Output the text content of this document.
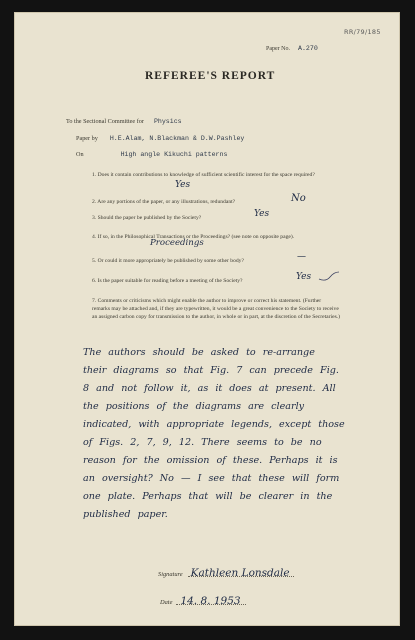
RR/79/185
Paper No. A.270
REFEREE'S REPORT
To the Sectional Committee for Physics
Paper by H.E.Alam, N.Blackman & D.W.Pashley
On	High angle Kikuchi patterns
1. Does it contain contributions to knowledge of sufficient scientific interest for the space required?
Yes
2. Are any portions of the paper, or any illustrations, redundant?	No
3. Should the paper be published by the Society?	Yes
4. If so, in the Philosophical Transactions or the Proceedings? (see note on opposite page).
Proceedings
5. Or could it more appropriately be published by some other body?	—
6. Is the paper suitable for reading before a meeting of the Society?	Yes
7. Comments or criticisms which might enable the author to improve or correct his statement. (Further remarks may be attached and, if they are typewritten, it would be a great convenience to the Society to receive an assigned carbon copy for transmission to the author, in whole or in part, at the discretion of the Secretaries.)
The authors should be asked to re-arrange their diagrams so that Fig. 7 can precede Fig. 8 and not follow it, as it does at present. All the positions of the diagrams are clearly indicated, with appropriate legends, except those of Figs. 2, 7, 9, 12. There seems to be no reason for the omission of these. Perhaps it is an oversight? No — I see that these will form one plate. Perhaps that will be clearer in the published paper.
Signature Kathleen Lonsdale
Date 14. 8. 1953
